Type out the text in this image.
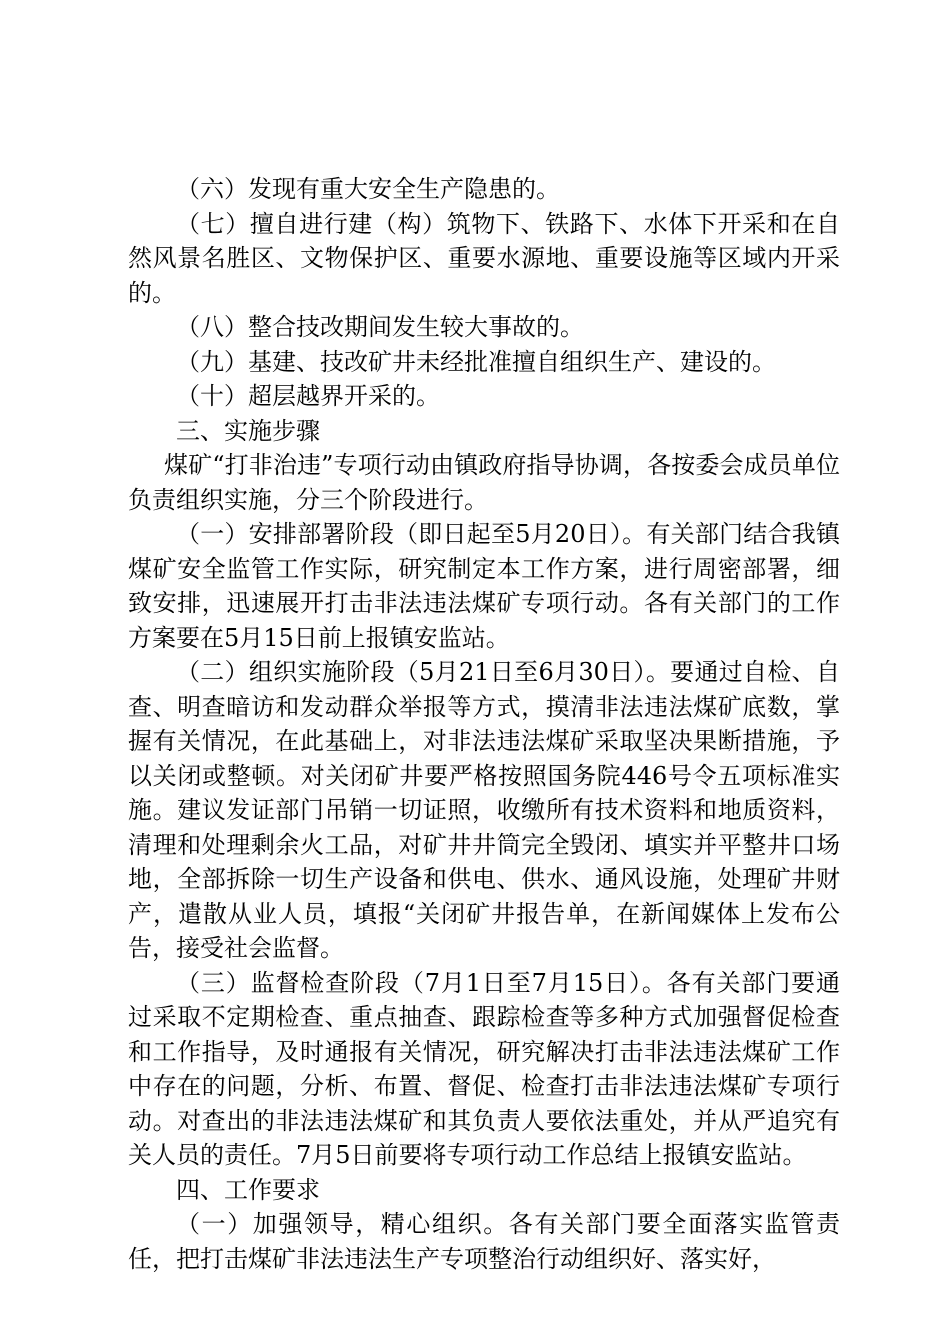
（六）发现有重大安全生产隐患的。

（七）擅自进行建（构）筑物下、铁路下、水体下开采和在自然风景名胜区、文物保护区、重要水源地、重要设施等区域内开采的。

（八）整合技改期间发生较大事故的。

（九）基建、技改矿井未经批准擅自组织生产、建设的。

（十）超层越界开采的。

三、实施步骤

煤矿“打非治违”专项行动由镇政府指导协调，各按委会成员单位负责组织实施，分三个阶段进行。

（一）安排部署阶段（即日起至5月20日）。有关部门结合我镇煤矿安全监管工作实际，研究制定本工作方案，进行周密部署，细致安排，迅速展开打击非法违法煤矿专项行动。各有关部门的工作方案要在5月15日前上报镇安监站。

（二）组织实施阶段（5月21日至6月30日）。要通过自检、自查、明查暗访和发动群众举报等方式，摸清非法违法煤矿底数，掌握有关情况，在此基础上，对非法违法煤矿采取坚决果断措施，予以关闭或整顿。对关闭矿井要严格按照国务院446号令五项标准实施。建议发证部门吊销一切证照，收缴所有技术资料和地质资料，清理和处理剩余火工品，对矿井井筒完全毁闭、填实并平整井口场地，全部拆除一切生产设备和供电、供水、通风设施，处理矿井财产，遣散从业人员，填报“关闭矿井报告单，在新闻媒体上发布公告，接受社会监督。

（三）监督检查阶段（7月1日至7月15日）。各有关部门要通过采取不定期检查、重点抽查、跟踪检查等多种方式加强督促检查和工作指导，及时通报有关情况，研究解决打击非法违法煤矿工作中存在的问题，分析、布置、督促、检查打击非法违法煤矿专项行动。对查出的非法违法煤矿和其负责人要依法重处，并从严追究有关人员的责任。7月5日前要将专项行动工作总结上报镇安监站。

四、工作要求

（一）加强领导，精心组织。各有关部门要全面落实监管责任，把打击煤矿非法违法生产专项整治行动组织好、落实好，
